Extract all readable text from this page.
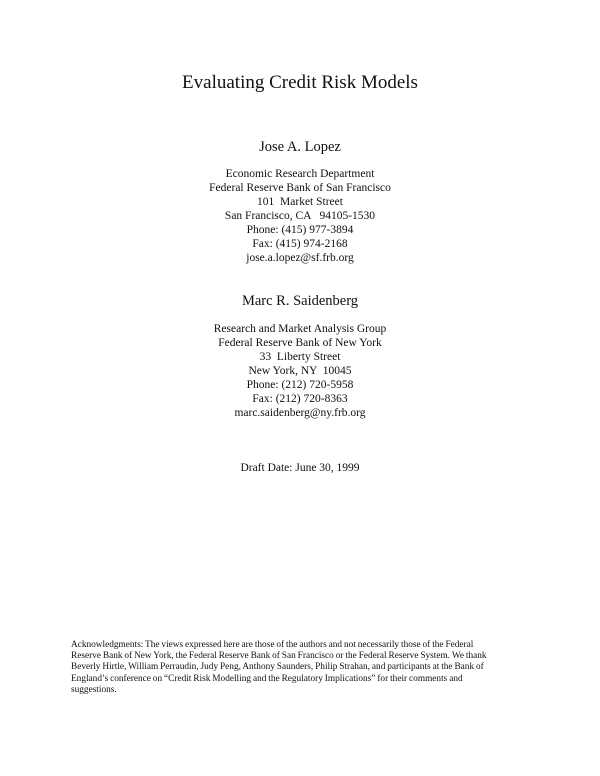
Evaluating Credit Risk Models

Jose A. Lopez

Economic Research Department
Federal Reserve Bank of San Francisco
101  Market Street
San Francisco, CA   94105-1530
Phone: (415) 977-3894
Fax: (415) 974-2168
jose.a.lopez@sf.frb.org

Marc R. Saidenberg

Research and Market Analysis Group
Federal Reserve Bank of New York
33  Liberty Street
New York, NY  10045
Phone: (212) 720-5958
Fax: (212) 720-8363
marc.saidenberg@ny.frb.org

Draft Date: June 30, 1999

Acknowledgments: The views expressed here are those of the authors and not necessarily those of the Federal
Reserve Bank of New York, the Federal Reserve Bank of San Francisco or the Federal Reserve System. We thank
Beverly Hirtle, William Perraudin, Judy Peng, Anthony Saunders, Philip Strahan, and participants at the Bank of
England’s conference on “Credit Risk Modelling and the Regulatory Implications” for their comments and
suggestions.
